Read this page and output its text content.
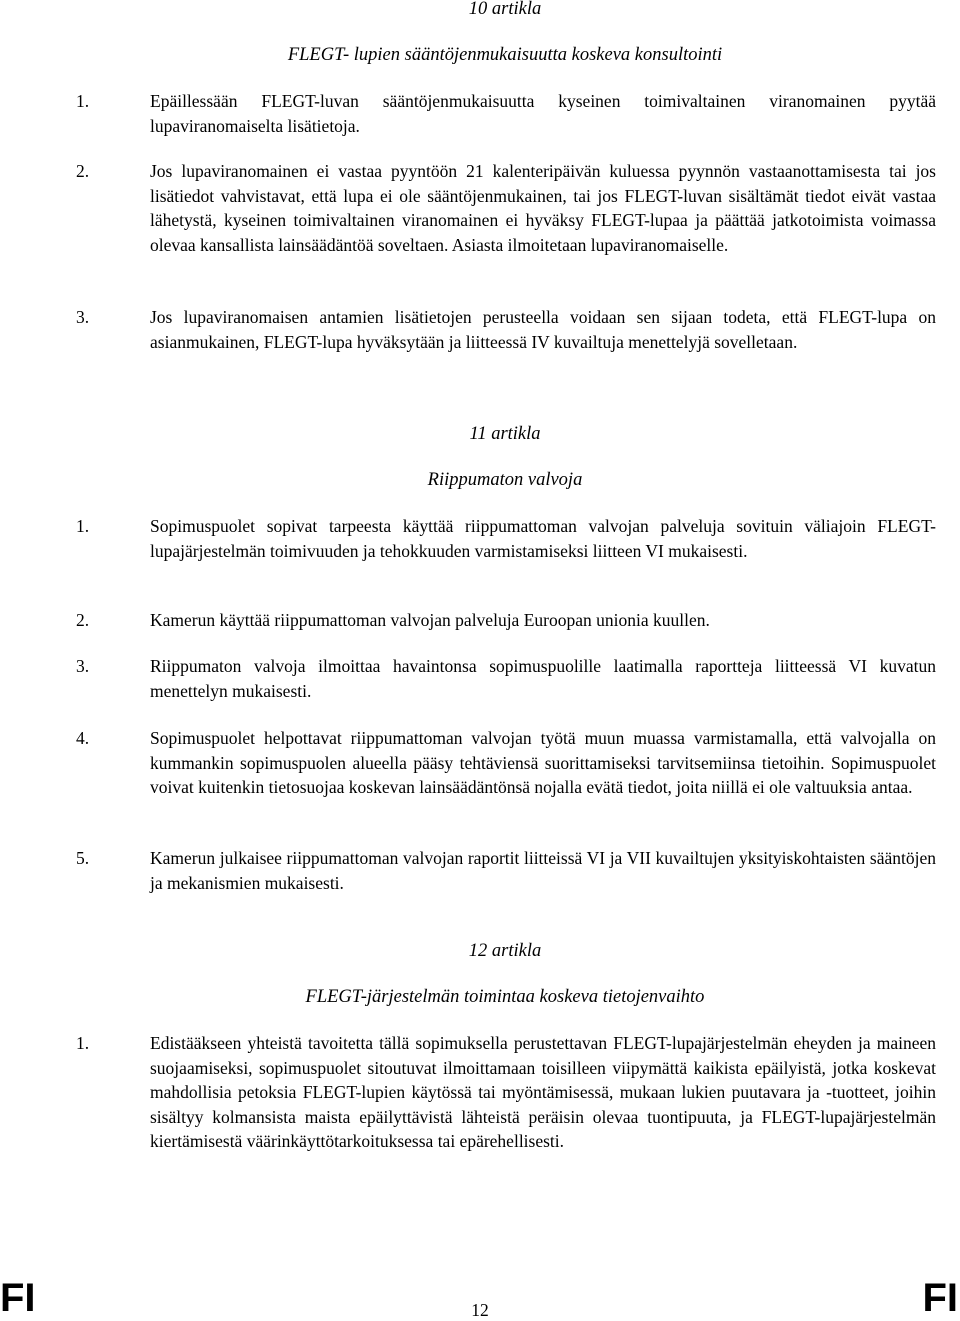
10 artikla
FLEGT- lupien sääntöjenmukaisuutta koskeva konsultointi
1.	Epäillessään FLEGT-luvan sääntöjenmukaisuutta kyseinen toimivaltainen viranomainen pyytää lupaviranomaiselta lisätietoja.
2.	Jos lupaviranomainen ei vastaa pyyntöön 21 kalenteripäivän kuluessa pyynnön vastaanottamisesta tai jos lisätiedot vahvistavat, että lupa ei ole sääntöjenmukainen, tai jos FLEGT-luvan sisältämät tiedot eivät vastaa lähetystä, kyseinen toimivaltainen viranomainen ei hyväksy FLEGT-lupaa ja päättää jatkotoimista voimassa olevaa kansallista lainsäädäntöä soveltaen. Asiasta ilmoitetaan lupaviranomaiselle.
3.	Jos lupaviranomaisen antamien lisätietojen perusteella voidaan sen sijaan todeta, että FLEGT-lupa on asianmukainen, FLEGT-lupa hyväksytään ja liitteessä IV kuvailtuja menettelyjä sovelletaan.
11 artikla
Riippumaton valvoja
1.	Sopimuspuolet sopivat tarpeesta käyttää riippumattoman valvojan palveluja sovituin väliajoin FLEGT-lupajärjestelmän toimivuuden ja tehokkuuden varmistamiseksi liitteen VI mukaisesti.
2.	Kamerun käyttää riippumattoman valvojan palveluja Euroopan unionia kuullen.
3.	Riippumaton valvoja ilmoittaa havaintonsa sopimuspuolille laatimalla raportteja liitteessä VI kuvatun menettelyn mukaisesti.
4.	Sopimuspuolet helpottavat riippumattoman valvojan työtä muun muassa varmistamalla, että valvojalla on kummankin sopimuspuolen alueella pääsy tehtäviensä suorittamiseksi tarvitsemiinsa tietoihin. Sopimuspuolet voivat kuitenkin tietosuojaa koskevan lainsäädäntönsä nojalla evätä tiedot, joita niillä ei ole valtuuksia antaa.
5.	Kamerun julkaisee riippumattoman valvojan raportit liitteissä VI ja VII kuvailtujen yksityiskohtaisten sääntöjen ja mekanismien mukaisesti.
12 artikla
FLEGT-järjestelmän toimintaa koskeva tietojenvaihto
1.	Edistääkseen yhteistä tavoitetta tällä sopimuksella perustettavan FLEGT-lupajärjestelmän eheyden ja maineen suojaamiseksi, sopimuspuolet sitoutuvat ilmoittamaan toisilleen viipymättä kaikista epäilyistä, jotka koskevat mahdollisia petoksia FLEGT-lupien käytössä tai myöntämisessä, mukaan lukien puutavara ja -tuotteet, joihin sisältyy kolmansista maista epäilyttävistä lähteistä peräisin olevaa tuontipuuta, ja FLEGT-lupajärjestelmän kiertämisestä väärinkäyttötarkoituksessa tai epärehellisesti.
FI	12	FI
